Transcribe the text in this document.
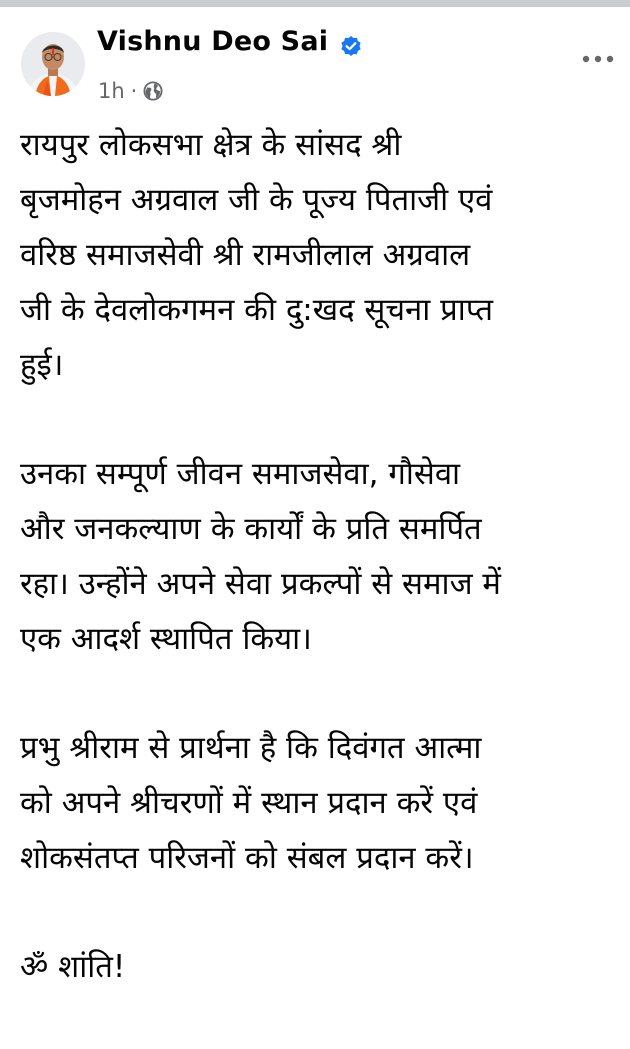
Vishnu Deo Sai
1h ·

रायपुर लोकसभा क्षेत्र के सांसद श्री
बृजमोहन अग्रवाल जी के पूज्य पिताजी एवं
वरिष्ठ समाजसेवी श्री रामजीलाल अग्रवाल
जी के देवलोकगमन की दु:खद सूचना प्राप्त
हुई।

उनका सम्पूर्ण जीवन समाजसेवा, गौसेवा
और जनकल्याण के कार्यों के प्रति समर्पित
रहा। उन्होंने अपने सेवा प्रकल्पों से समाज में
एक आदर्श स्थापित किया।

प्रभु श्रीराम से प्रार्थना है कि दिवंगत आत्मा
को अपने श्रीचरणों में स्थान प्रदान करें एवं
शोकसंतप्त परिजनों को संबल प्रदान करें।

ॐ शांति!
